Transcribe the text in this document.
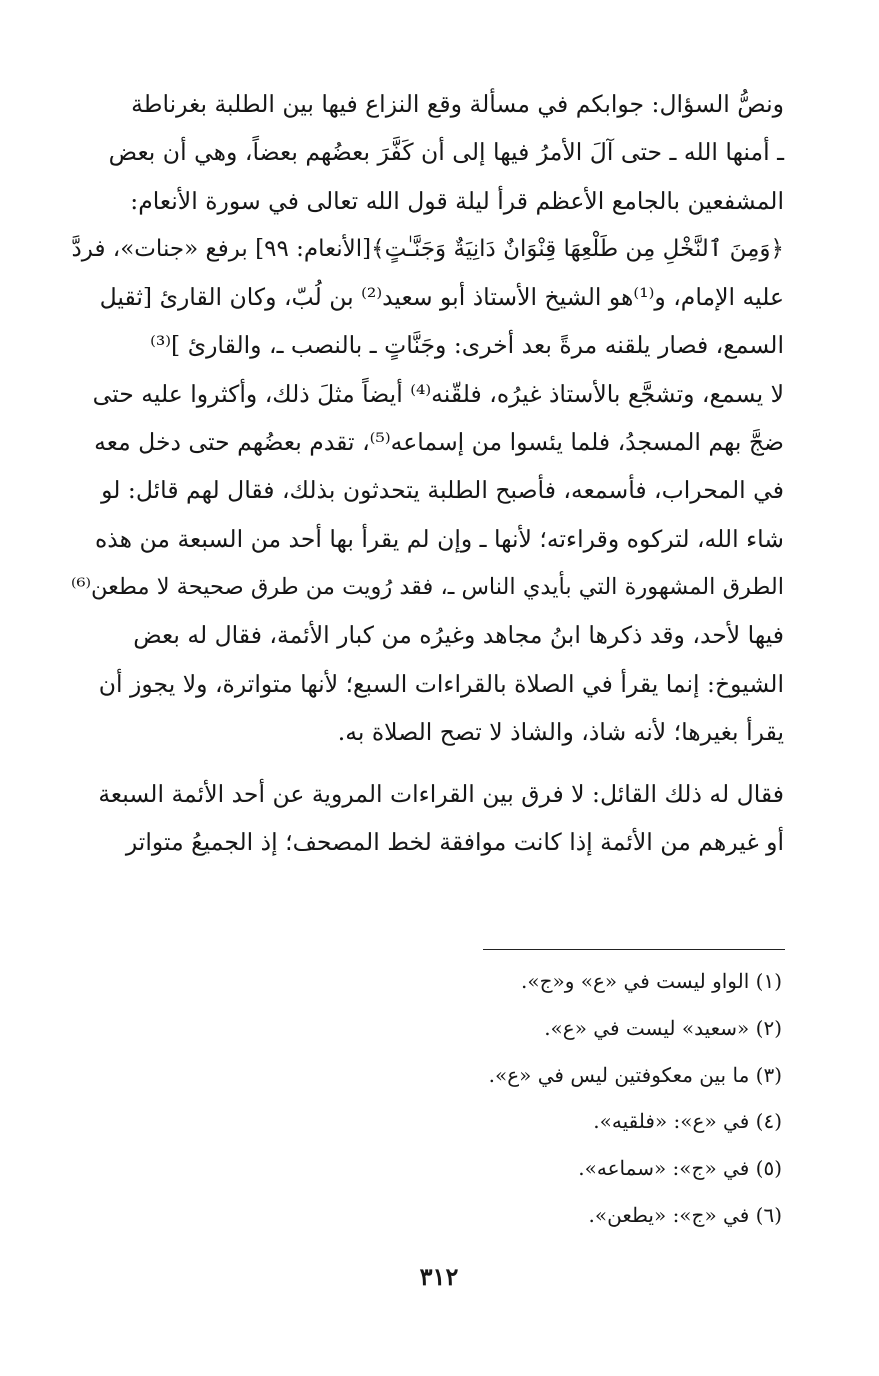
ونصُّ السؤال: جوابكم في مسألة وقع النزاع فيها بين الطلبة بغرناطة
ـ أمنها الله ـ حتى آلَ الأمرُ فيها إلى أن كَفَّرَ بعضُهم بعضاً، وهي أن بعض
المشفعين بالجامع الأعظم قرأ ليلة قول الله تعالى في سورة الأنعام:
﴿وَمِنَ ٱلنَّخْلِ مِن طَلْعِهَا قِنْوَانٌ دَانِيَةٌ وَجَنَّـٰتٍ﴾[الأنعام: ٩٩] برفع «جنات»، فردَّ
عليه الإمام، و⁽¹⁾هو الشيخ الأستاذ أبو سعيد⁽²⁾ بن لُبّ، وكان القارئ [ثقيل
السمع، فصار يلقنه مرةً بعد أخرى: وجَنَّاتٍ ـ بالنصب ـ، والقارئ ]⁽³⁾
لا يسمع، وتشجَّع بالأستاذ غيرُه، فلقّنه⁽⁴⁾ أيضاً مثلَ ذلك، وأكثروا عليه حتى
ضجَّ بهم المسجدُ، فلما يئسوا من إسماعه⁽⁵⁾، تقدم بعضُهم حتى دخل معه
في المحراب، فأسمعه، فأصبح الطلبة يتحدثون بذلك، فقال لهم قائل: لو
شاء الله، لتركوه وقراءته؛ لأنها ـ وإن لم يقرأ بها أحد من السبعة من هذه
الطرق المشهورة التي بأيدي الناس ـ، فقد رُويت من طرق صحيحة لا مطعن⁽⁶⁾
فيها لأحد، وقد ذكرها ابنُ مجاهد وغيرُه من كبار الأئمة، فقال له بعض
الشيوخ: إنما يقرأ في الصلاة بالقراءات السبع؛ لأنها متواترة، ولا يجوز أن
يقرأ بغيرها؛ لأنه شاذ، والشاذ لا تصح الصلاة به.
فقال له ذلك القائل: لا فرق بين القراءات المروية عن أحد الأئمة السبعة
أو غيرهم من الأئمة إذا كانت موافقة لخط المصحف؛ إذ الجميعُ متواتر
(١) الواو ليست في «ع» و«ج».
(٢) «سعيد» ليست في «ع».
(٣) ما بين معكوفتين ليس في «ع».
(٤) في «ع»: «فلقيه».
(٥) في «ج»: «سماعه».
(٦) في «ج»: «يطعن».
٣١٢
